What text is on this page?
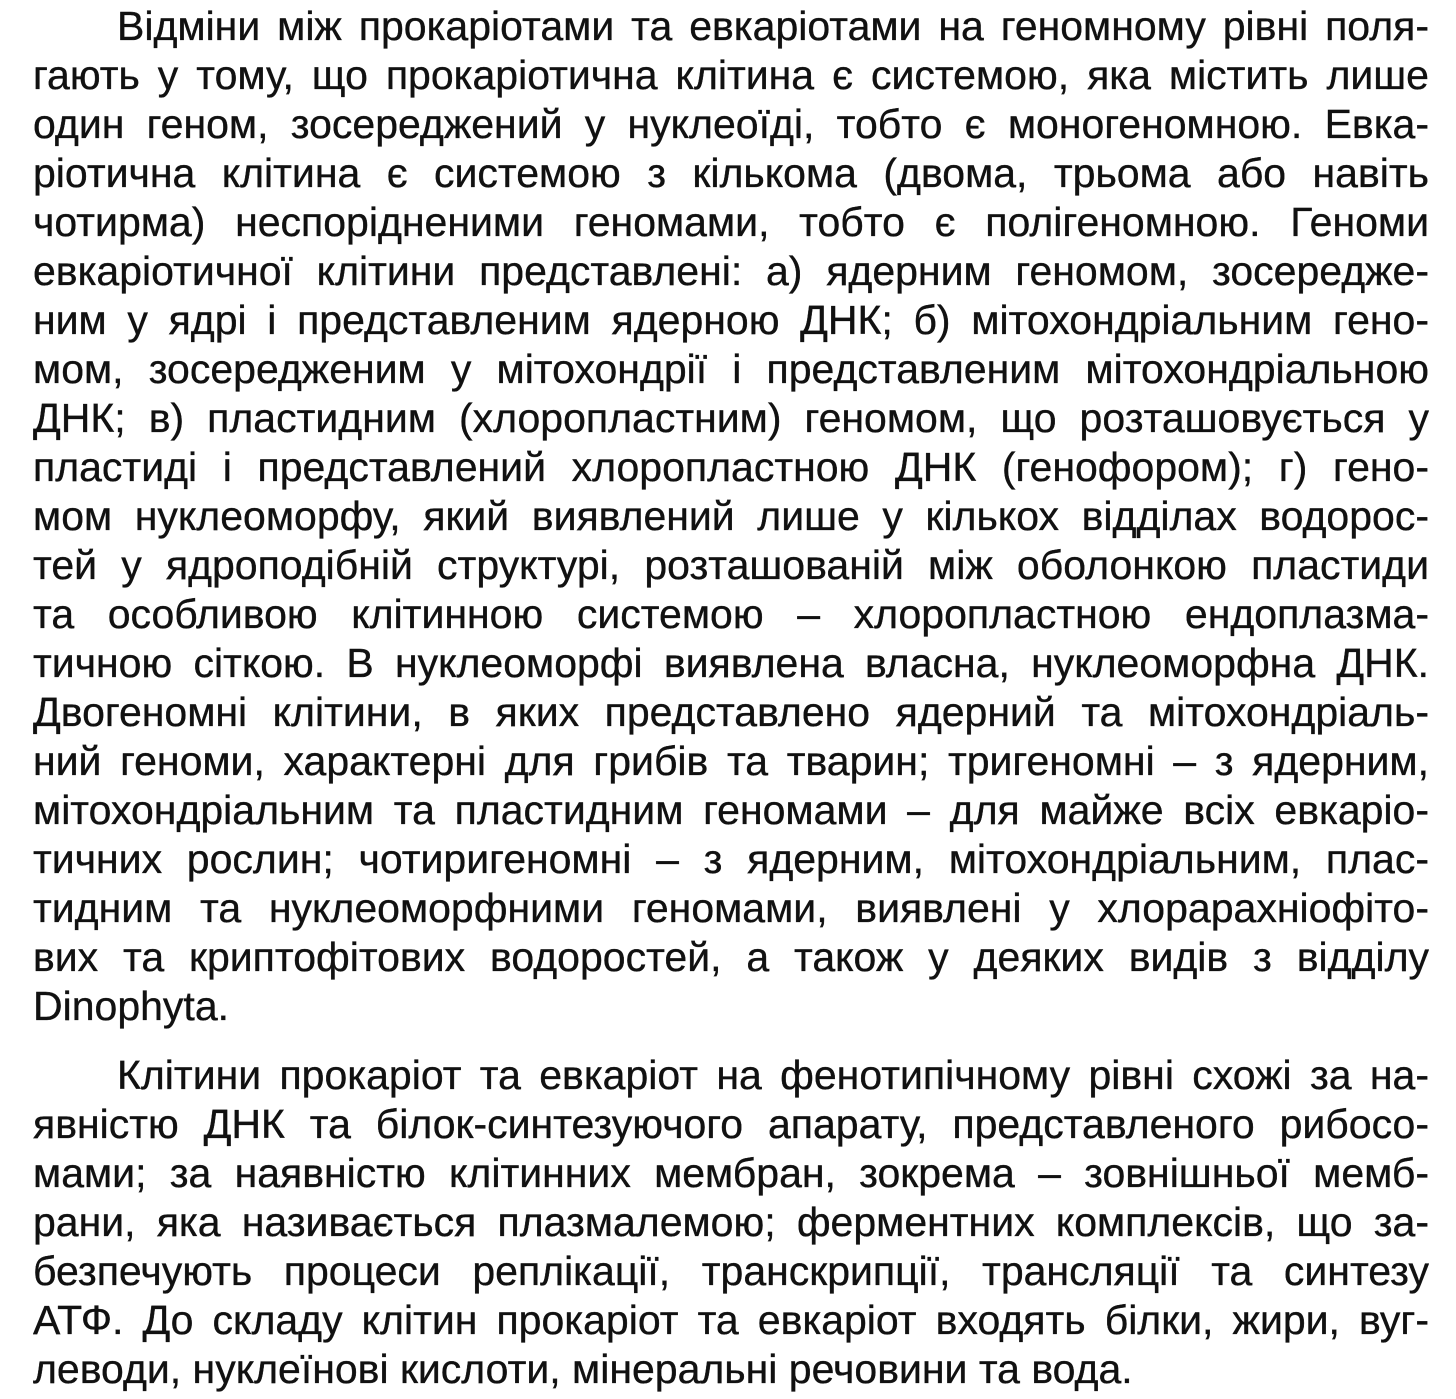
Відміни між прокаріотами та евкаріотами на геномному рівні поля-
гають у тому, що прокаріотична клітина є системою, яка містить лише
один геном, зосереджений у нуклеоїді, тобто є моногеномною. Евка-
ріотична клітина є системою з кількома (двома, трьома або навіть
чотирма) неспорідненими геномами, тобто є полігеномною. Геноми
евкаріотичної клітини представлені: а) ядерним геномом, зосередже-
ним у ядрі і представленим ядерною ДНК; б) мітохондріальним гено-
мом, зосередженим у мітохондрії і представленим мітохондріальною
ДНК; в) пластидним (хлоропластним) геномом, що розташовується у
пластиді і представлений хлоропластною ДНК (генофором); г) гено-
мом нуклеоморфу, який виявлений лише у кількох відділах водорос-
тей у ядроподібній структурі, розташованій між оболонкою пластиди
та особливою клітинною системою – хлоропластною ендоплазма-
тичною сіткою. В нуклеоморфі виявлена власна, нуклеоморфна ДНК.
Двогеномні клітини, в яких представлено ядерний та мітохондріаль-
ний геноми, характерні для грибів та тварин; тригеномні – з ядерним,
мітохондріальним та пластидним геномами – для майже всіх евкаріо-
тичних рослин; чотиригеномні – з ядерним, мітохондріальним, плас-
тидним та нуклеоморфними геномами, виявлені у хлорарахніофіто-
вих та криптофітових водоростей, а також у деяких видів з відділу
Dinophyta.
Клітини прокаріот та евкаріот на фенотипічному рівні схожі за на-
явністю ДНК та білок-синтезуючого апарату, представленого рибосо-
мами; за наявністю клітинних мембран, зокрема – зовнішньої мемб-
рани, яка називається плазмалемою; ферментних комплексів, що за-
безпечують процеси реплікації, транскрипції, трансляції та синтезу
АТФ. До складу клітин прокаріот та евкаріот входять білки, жири, вуг-
леводи, нуклеїнові кислоти, мінеральні речовини та вода.
